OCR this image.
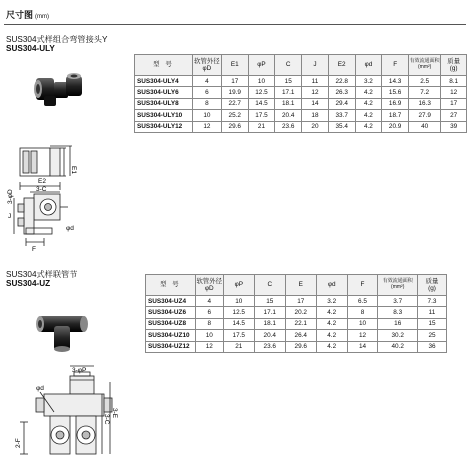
尺寸图 (mm)
SUS304式样组合弯管接头Y
SUS304-ULY
型 号	软管外径
φD	E1	φP	C	J	E2	φd	F	有效流通面积
(mm²)	质量
(g)
SUS304-ULY4	4	17	10	15	11	22.8	3.2	14.3	2.5	8.1
SUS304-ULY6	6	19.9	12.5	17.1	12	26.3	4.2	15.6	7.2	12
SUS304-ULY8	8	22.7	14.5	18.1	14	29.4	4.2	16.9	16.3	17
SUS304-ULY10	10	25.2	17.5	20.4	18	33.7	4.2	18.7	27.9	27
SUS304-ULY12	12	29.6	21	23.6	20	35.4	4.2	20.9	40	39
E2
E1
3-C
3-φD
J
F
φd
SUS304式样联管节
SUS304-UZ	型 号	软管外径
φD	φP	C	E	φd	F	有效流通面积
(mm²)	质量
(g)
SUS304-UZ4	4	10	15	17	3.2	6.5	3.7	7.3
SUS304-UZ6	6	12.5	17.1	20.2	4.2	8	8.3	11
SUS304-UZ8	8	14.5	18.1	22.1	4.2	10	16	15
SUS304-UZ10	10	17.5	20.4	26.4	4.2	12	30.2	25
SUS304-UZ12	12	21	23.6	29.6	4.2	14	40.2	36
3-φP
φd
3-C
3-E
2-F
